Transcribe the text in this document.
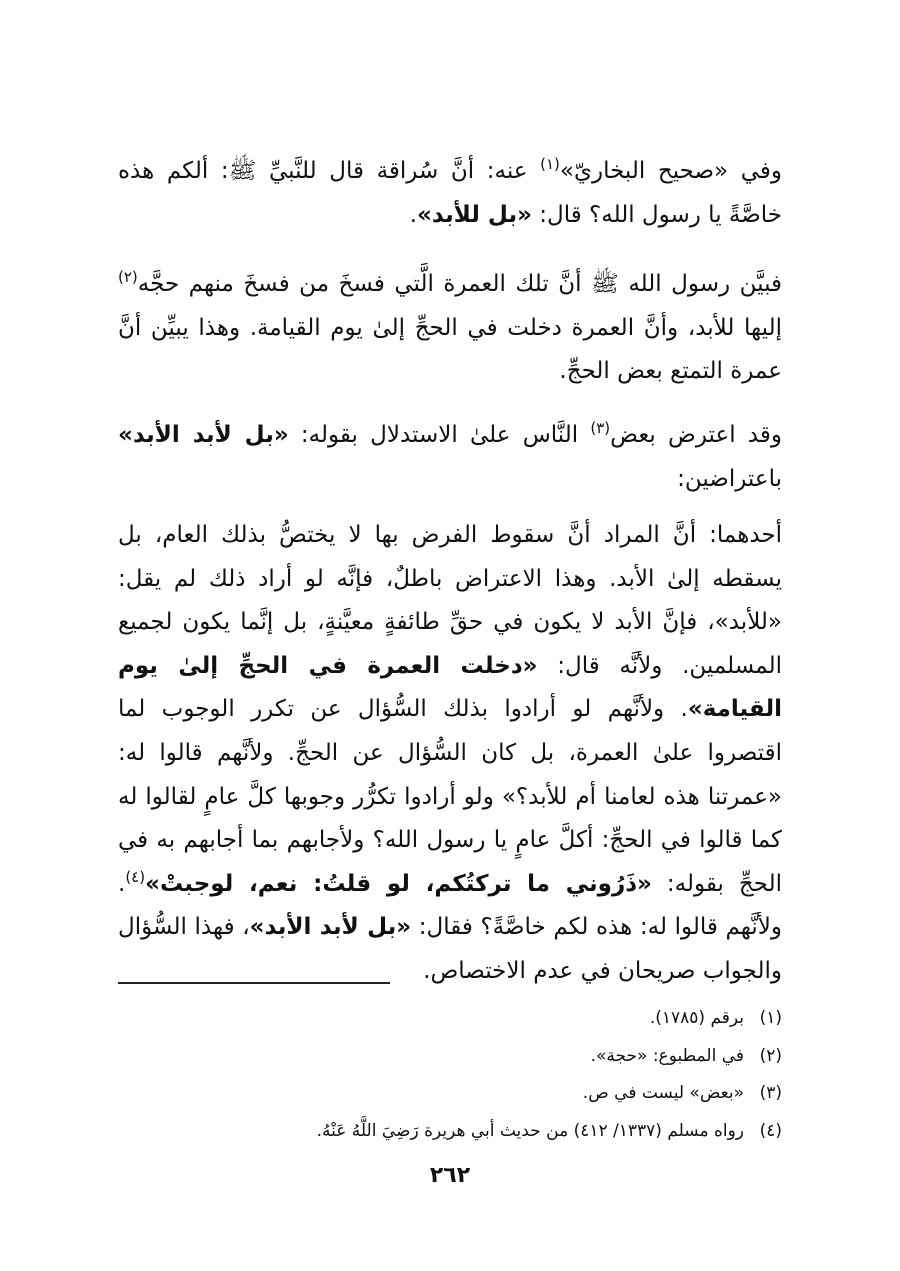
وفي «صحيح البخاريّ»$^{(١)}$ عنه: أنَّ سُراقة قال للنَّبيِّ ﷺ: ألكم هذه خاصَّةً يا رسول الله؟ قال: «بل للأبد».

فبيَّن رسول الله ﷺ أنَّ تلك العمرة الَّتي فسخَ من فسخَ منهم حجَّه$^{(٢)}$ إليها للأبد، وأنَّ العمرة دخلت في الحجِّ إلىٰ يوم القيامة. وهذا يبيِّن أنَّ عمرة التمتع بعض الحجِّ.

وقد اعترض بعض$^{(٣)}$ النَّاس علىٰ الاستدلال بقوله: «بل لأبد الأبد» باعتراضين:

أحدهما: أنَّ المراد أنَّ سقوط الفرض بها لا يختصُّ بذلك العام، بل يسقطه إلىٰ الأبد. وهذا الاعتراض باطلٌ، فإنَّه لو أراد ذلك لم يقل: «للأبد»، فإنَّ الأبد لا يكون في حقِّ طائفةٍ معيَّنةٍ، بل إنَّما يكون لجميع المسلمين. ولأنَّه قال: «دخلت العمرة في الحجِّ إلىٰ يوم القيامة». ولأنَّهم لو أرادوا بذلك السُّؤال عن تكرر الوجوب لما اقتصروا علىٰ العمرة، بل كان السُّؤال عن الحجِّ. ولأنَّهم قالوا له: «عمرتنا هذه لعامنا أم للأبد؟» ولو أرادوا تكرُّر وجوبها كلَّ عامٍ لقالوا له كما قالوا في الحجِّ: أكلَّ عامٍ يا رسول الله؟ ولأجابهم بما أجابهم به في الحجِّ بقوله: «ذَرُوني ما تركتُكم، لو قلتُ: نعم، لوجبتْ»$^{(٤)}$. ولأنَّهم قالوا له: هذه لكم خاصَّةً؟ فقال: «بل لأبد الأبد»، فهذا السُّؤال والجواب صريحان في عدم الاختصاص.

(١)برقم (١٧٨٥).
(٢)في المطبوع: «حجة».
(٣)«بعض» ليست في ص.
(٤)رواه مسلم (١٣٣٧/ ٤١٢) من حديث أبي هريرة رَضِيَ اللَّهُ عَنْهُ.
٢٦٢
